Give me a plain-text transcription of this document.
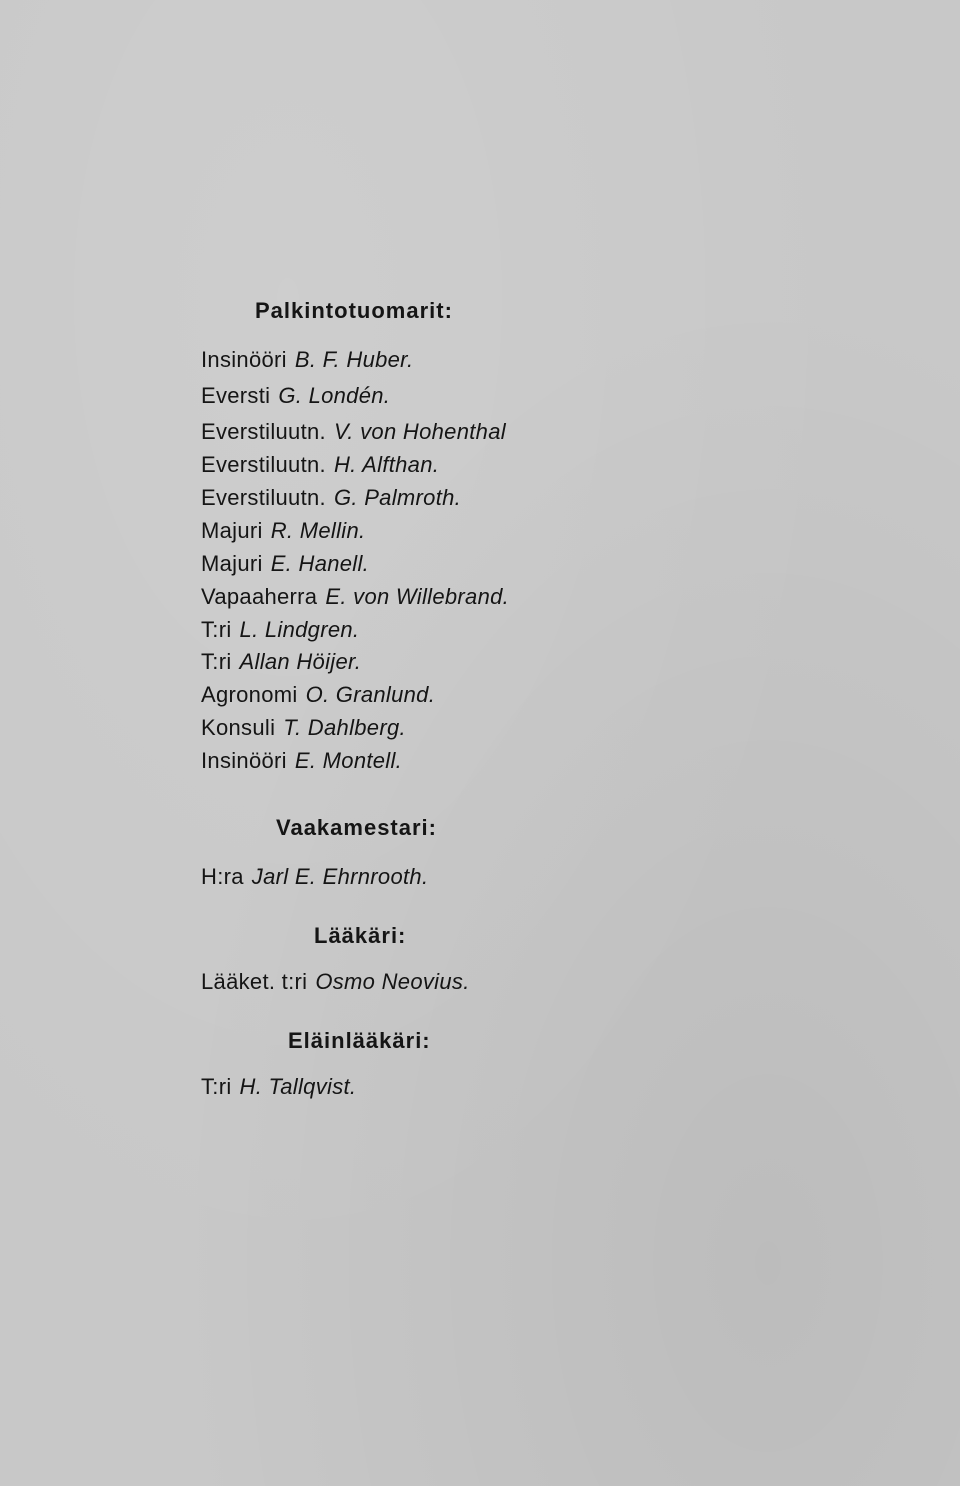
Palkintotuomarit:
Insinööri B. F. Huber.
Eversti G. Londén.
Everstiluutn. V. von Hohenthal
Everstiluutn. H. Alfthan.
Everstiluutn. G. Palmroth.
Majuri R. Mellin.
Majuri E. Hanell.
Vapaaherra E. von Willebrand.
T:ri L. Lindgren.
T:ri Allan Höijer.
Agronomi O. Granlund.
Konsuli T. Dahlberg.
Insinööri E. Montell.
Vaakamestari:
H:ra Jarl E. Ehrnrooth.
Lääkäri:
Lääket. t:ri Osmo Neovius.
Eläinlääkäri:
T:ri H. Tallqvist.
